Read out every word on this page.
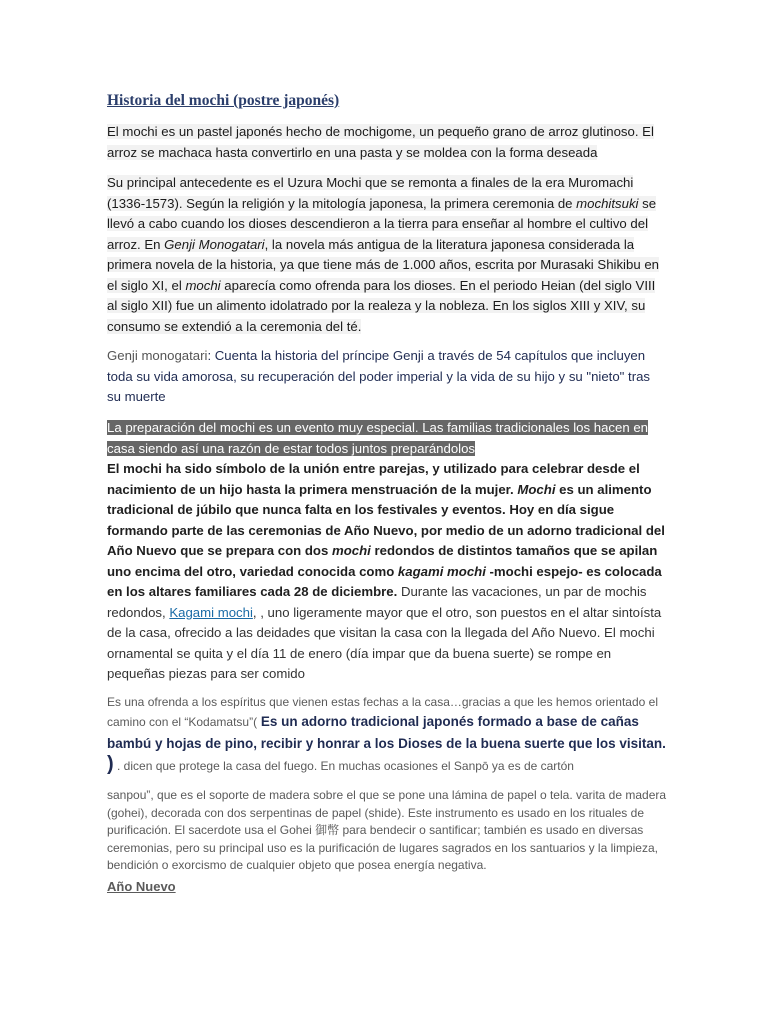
Historia del mochi (postre japonés)
El mochi es un pastel japonés hecho de mochigome, un pequeño grano de arroz glutinoso. El arroz se machaca hasta convertirlo en una pasta y se moldea con la forma deseada
Su principal antecedente es el Uzura Mochi que se remonta a finales de la era Muromachi (1336-1573). Según la religión y la mitología japonesa, la primera ceremonia de mochitsuki se llevó a cabo cuando los dioses descendieron a la tierra para enseñar al hombre el cultivo del arroz. En Genji Monogatari, la novela más antigua de la literatura japonesa considerada la primera novela de la historia, ya que tiene más de 1.000 años, escrita por Murasaki Shikibu en el siglo XI, el mochi aparecía como ofrenda para los dioses. En el periodo Heian (del siglo VIII al siglo XII) fue un alimento idolatrado por la realeza y la nobleza. En los siglos XIII y XIV, su consumo se extendió a la ceremonia del té.
Genji monogatari: Cuenta la historia del príncipe Genji a través de 54 capítulos que incluyen toda su vida amorosa, su recuperación del poder imperial y la vida de su hijo y su "nieto" tras su muerte
La preparación del mochi es un evento muy especial. Las familias tradicionales los hacen en casa siendo así una razón de estar todos juntos preparándolos
El mochi ha sido símbolo de la unión entre parejas, y utilizado para celebrar desde el nacimiento de un hijo hasta la primera menstruación de la mujer. Mochi es un alimento tradicional de júbilo que nunca falta en los festivales y eventos. Hoy en día sigue formando parte de las ceremonias de Año Nuevo, por medio de un adorno tradicional del Año Nuevo que se prepara con dos mochi redondos de distintos tamaños que se apilan uno encima del otro, variedad conocida como kagami mochi -mochi espejo- es colocada en los altares familiares cada 28 de diciembre. Durante las vacaciones, un par de mochis redondos, Kagami mochi, , uno ligeramente mayor que el otro, son puestos en el altar sintoísta de la casa, ofrecido a las deidades que visitan la casa con la llegada del Año Nuevo. El mochi ornamental se quita y el día 11 de enero (día impar que da buena suerte) se rompe en pequeñas piezas para ser comido
Es una ofrenda a los espíritus que vienen estas fechas a la casa…gracias a que les hemos orientado el camino con el “Kodamatsu”( Es un adorno tradicional japonés formado a base de cañas bambú y hojas de pino, recibir y honrar a los Dioses de la buena suerte que los visitan. ) . dicen que protege la casa del fuego. En muchas ocasiones el Sanpō ya es de cartón
sanpou”, que es el soporte de madera sobre el que se pone una lámina de papel o tela. varita de madera (gohei), decorada con dos serpentinas de papel (shide). Este instrumento es usado en los rituales de purificación. El sacerdote usa el Gohei 御幣 para bendecir o santificar; también es usado en diversas ceremonias, pero su principal uso es la purificación de lugares sagrados en los santuarios y la limpieza, bendición o exorcismo de cualquier objeto que posea energía negativa.
Año Nuevo
